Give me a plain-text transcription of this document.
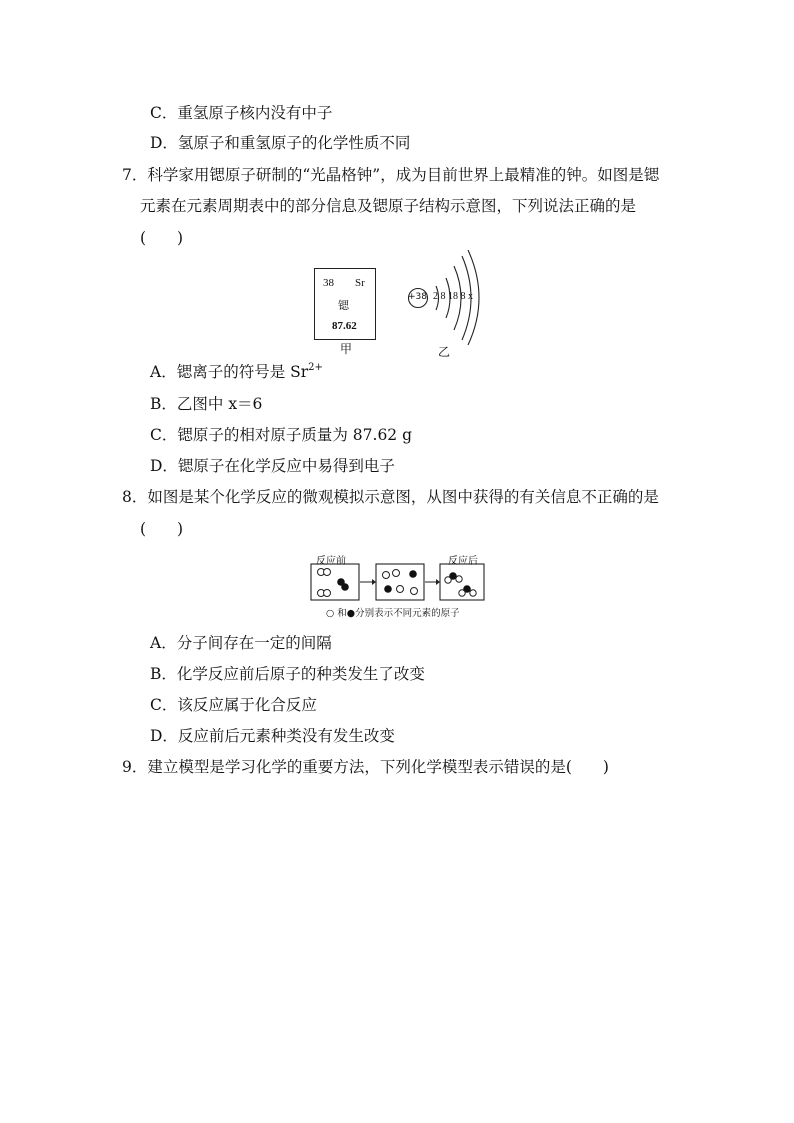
C．重氢原子核内没有中子
D．氢原子和重氢原子的化学性质不同
7．科学家用锶原子研制的“光晶格钟”，成为目前世界上最精准的钟。如图是锶
元素在元素周期表中的部分信息及锶原子结构示意图，下列说法正确的是
(　　)
38 Sr
锶
87.62
甲
+38 2 8 18 8 x
乙
A．锶离子的符号是 $Sr^{2+}$
B．乙图中 x＝6
C．锶原子的相对原子质量为 87.62 g
D．锶原子在化学反应中易得到电子
8．如图是某个化学反应的微观模拟示意图，从图中获得的有关信息不正确的是
(　　)
反应前	反应后
○ 和●分别表示不同元素的原子
A．分子间存在一定的间隔
B．化学反应前后原子的种类发生了改变
C．该反应属于化合反应
D．反应前后元素种类没有发生改变
9．建立模型是学习化学的重要方法，下列化学模型表示错误的是(　　)
